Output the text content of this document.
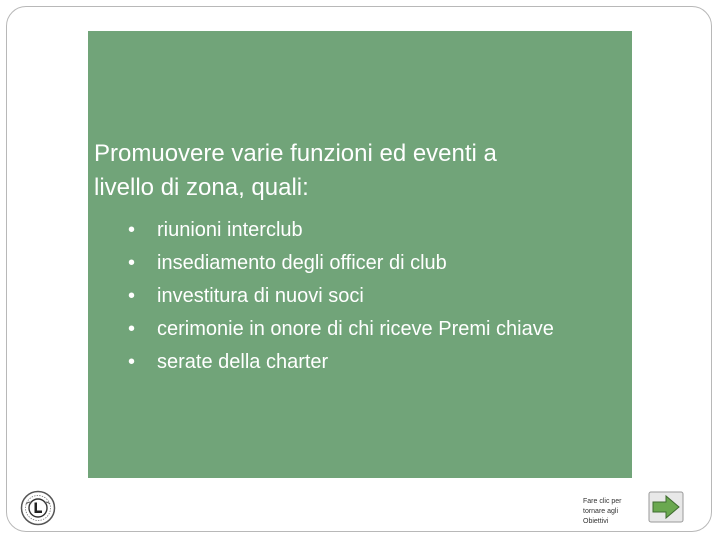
Promuovere varie funzioni ed eventi a
livello di zona, quali:
• riunioni interclub
• insediamento degli officer di club
• investitura di nuovi soci
• cerimonie in onore di chi riceve Premi chiave
• serate della charter
Fare clic per
tornare agli
Obiettivi
